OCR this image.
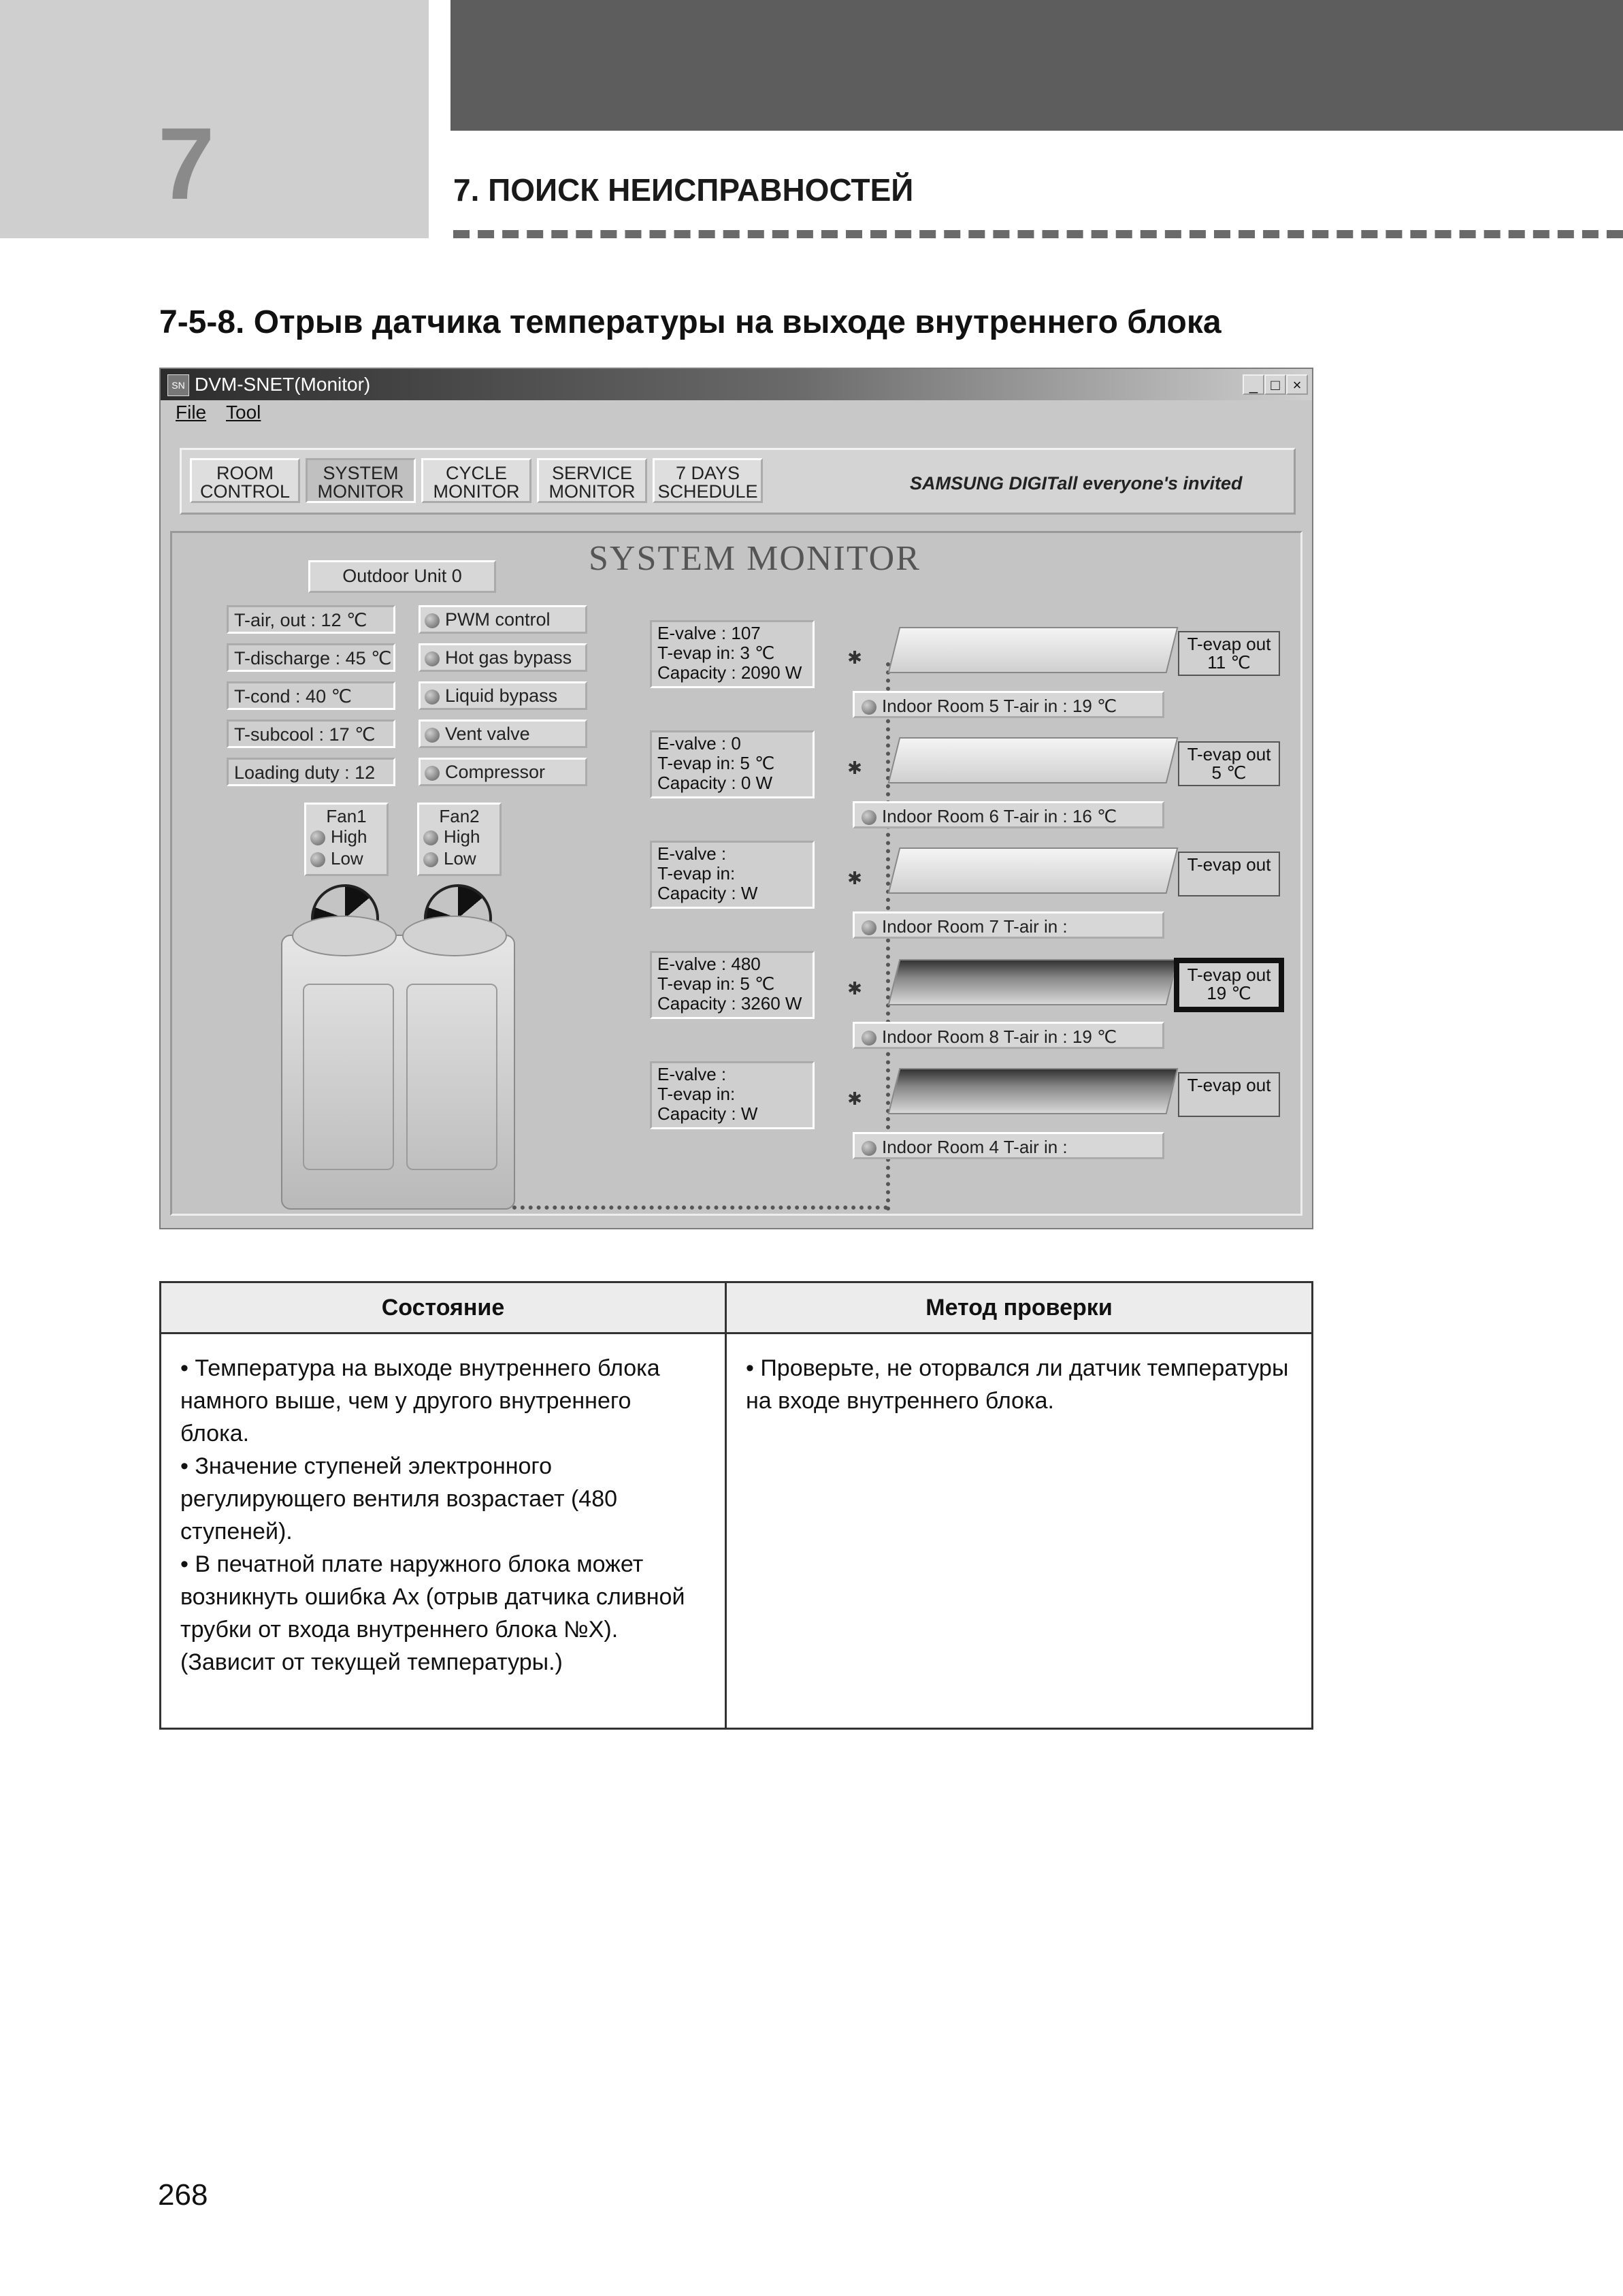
7	7. ПОИСК НЕИСПРАВНОСТЕЙ
7-5-8. Отрыв датчика температуры на выходе внутреннего блока
SN DVM-SNET(Monitor)	_ □ ×
File Tool
ROOM
CONTROL
SYSTEM
MONITOR
CYCLE
MONITOR
SERVICE
MONITOR
7 DAYS
SCHEDULE	SAMSUNG DIGITall everyone's invited
SYSTEM MONITOR
Outdoor Unit 0
T-air, out : 12 ℃
T-discharge : 45 ℃
T-cond : 40 ℃
T-subcool : 17 ℃
Loading duty : 12
PWM control
Hot gas bypass
Liquid bypass
Vent valve
Compressor
Fan1
High
Low
Fan2
High
Low
E-valve : 107
T-evap in: 3 ℃
Capacity : 2090 W
E-valve : 0
T-evap in: 5 ℃
Capacity : 0 W
E-valve :
T-evap in:
Capacity : W
E-valve : 480
T-evap in: 5 ℃
Capacity : 3260 W
E-valve :
T-evap in:
Capacity : W
✱
✱
✱
✱
✱
Indoor Room 5 T-air in : 19 ℃
Indoor Room 6 T-air in : 16 ℃
Indoor Room 7 T-air in :
Indoor Room 8 T-air in : 19 ℃
Indoor Room 4 T-air in :
T-evap out
11 ℃
T-evap out
5 ℃
T-evap out
T-evap out
19 ℃
T-evap out
Состояние	Метод проверки

• Температура на выходе внутреннего блока намного выше, чем у другого внутреннего блока.
• Значение ступеней электронного регулирующего вентиля возрастает (480 ступеней).
• В печатной плате наружного блока может возникнуть ошибка Ax (отрыв датчика сливной трубки от входа внутреннего блока №X). (Зависит от текущей температуры.)	• Проверьте, не оторвался ли датчик температуры на входе внутреннего блока.
268
